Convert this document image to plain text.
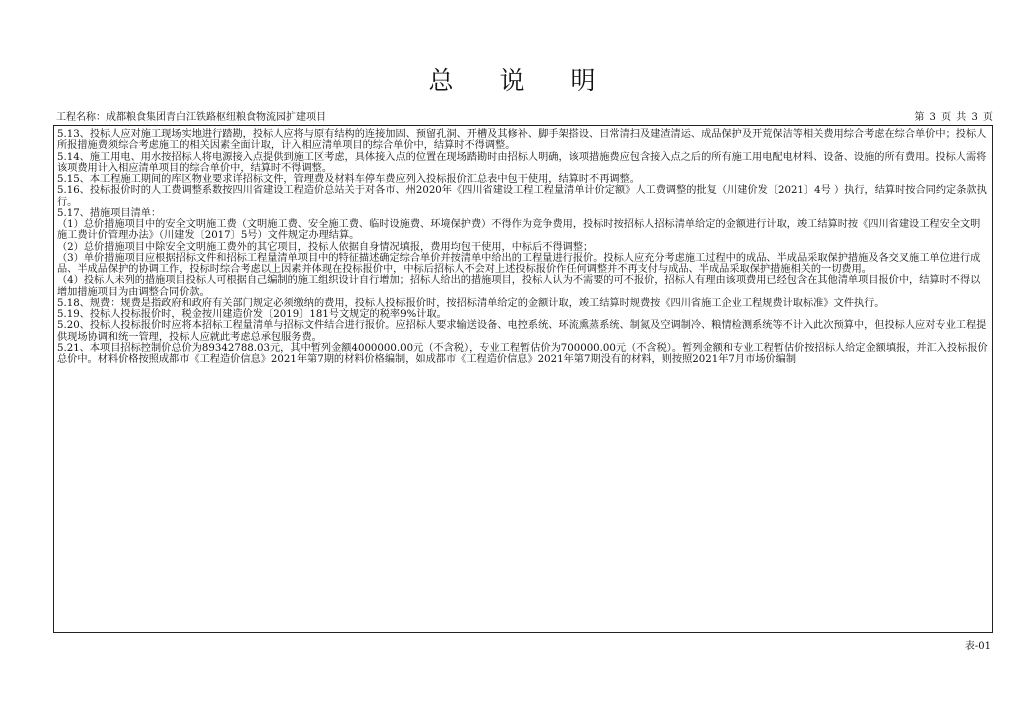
总 说 明
工程名称：成都粮食集团青白江铁路枢纽粮食物流园扩建项目	第 3 页 共 3 页

5.13、投标人应对施工现场实地进行踏勘，投标人应将与原有结构的连接加固、预留孔洞、开槽及其修补、脚手架搭设、日常清扫及建渣清运、成品保护及开荒保洁等相关费用综合考虑在综合单价中；投标人所报措施费须综合考虑施工的相关因素全面计取，计入相应清单项目的综合单价中，结算时不得调整。

5.14、施工用电、用水按招标人将电源接入点提供到施工区考虑，具体接入点的位置在现场踏勘时由招标人明确，该项措施费应包含接入点之后的所有施工用电配电材料、设备、设施的所有费用。投标人需将该项费用计入相应清单项目的综合单价中，结算时不得调整。

5.15、本工程施工期间的库区物业要求详招标文件，管理费及材料车停车费应列入投标报价汇总表中包干使用，结算时不再调整。

5.16、投标报价时的人工费调整系数按四川省建设工程造价总站关于对各市、州2020年《四川省建设工程工程量清单计价定额》人工费调整的批复（川建价发〔2021〕4号 ）执行，结算时按合同约定条款执行。

5.17、措施项目清单：

（1）总价措施项目中的安全文明施工费（文明施工费、安全施工费、临时设施费、环境保护费）不得作为竞争费用，投标时按招标人招标清单给定的金额进行计取，竣工结算时按《四川省建设工程安全文明施工费计价管理办法》（川建发〔2017〕5号）文件规定办理结算。

（2）总价措施项目中除安全文明施工费外的其它项目，投标人依据自身情况填报，费用均包干使用，中标后不得调整；

（3）单价措施项目应根据招标文件和招标工程量清单项目中的特征描述确定综合单价并按清单中给出的工程量进行报价。投标人应充分考虑施工过程中的成品、半成品采取保护措施及各交叉施工单位进行成品、半成品保护的协调工作，投标时综合考虑以上因素并体现在投标报价中，中标后招标人不会对上述投标报价作任何调整并不再支付与成品、半成品采取保护措施相关的一切费用。

（4）投标人未列的措施项目投标人可根据自己编制的施工组织设计自行增加；招标人给出的措施项目，投标人认为不需要的可不报价，招标人有理由该项费用已经包含在其他清单项目报价中，结算时不得以增加措施项目为由调整合同价款。

5.18、规费：规费是指政府和政府有关部门规定必须缴纳的费用，投标人投标报价时，按招标清单给定的金额计取，竣工结算时规费按《四川省施工企业工程规费计取标准》文件执行。

5.19、投标人投标报价时，税金按川建造价发〔2019〕181号文规定的税率9%计取。

5.20、投标人投标报价时应将本招标工程量清单与招标文件结合进行报价。应招标人要求输送设备、电控系统、环流熏蒸系统、制氮及空调制冷、粮情检测系统等不计入此次预算中，但投标人应对专业工程提供现场协调和统一管理，投标人应就此考虑总承包服务费。

5.21、本项目招标控制价总价为89342788.03元，其中暂列金额4000000.00元（不含税），专业工程暂估价为700000.00元（不含税）。暂列金额和专业工程暂估价按招标人给定金额填报，并汇入投标报价总价中。材料价格按照成都市《工程造价信息》2021年第7期的材料价格编制，如成都市《工程造价信息》2021年第7期没有的材料，则按照2021年7月市场价编制

表-01
